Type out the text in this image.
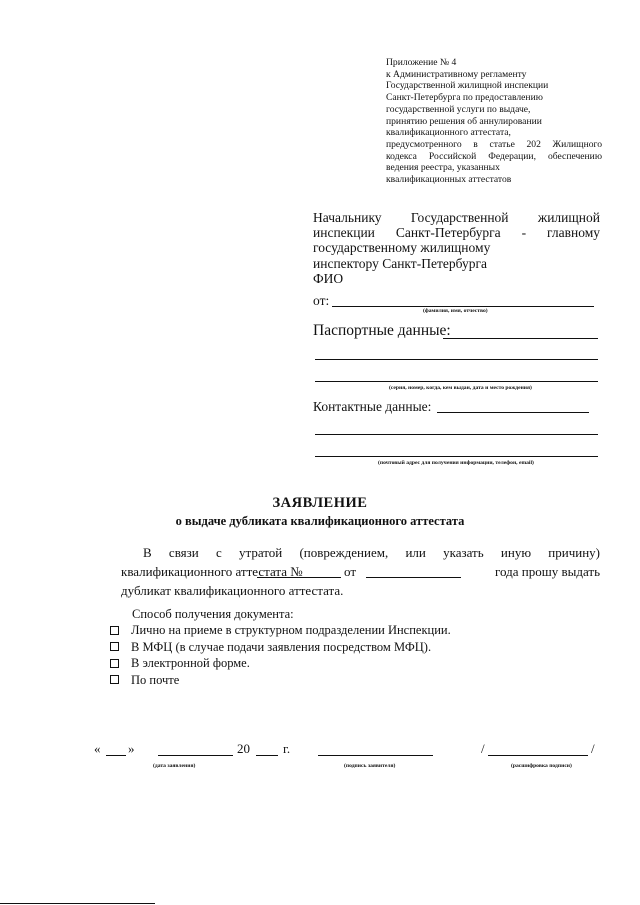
Приложение № 4
к Административному регламенту
Государственной жилищной инспекции
Санкт-Петербурга по предоставлению
государственной услуги по выдаче,
принятию решения об аннулировании
квалификационного аттестата,
предусмотренного в статье 202 Жилищного
кодекса Российской Федерации, обеспечению
ведения реестра, указанных
квалификационных аттестатов
Начальнику Государственной жилищной
инспекции Санкт-Петербурга - главному
государственному жилищному
инспектору Санкт-Петербурга
ФИО
от:
(фамилия, имя, отчество)
Паспортные данные:
(серия, номер, когда, кем выдан, дата и место рождения)
Контактные данные:
(почтовый адрес для получения информации, телефон, email)
ЗАЯВЛЕНИЕ
о выдаче дубликата квалификационного аттестата
В связи с утратой (повреждением, или указать иную причину)
квалификационного аттестата №	от	года прошу выдать
дубликат квалификационного аттестата.
Способ получения документа:
Лично на приеме в структурном подразделении Инспекции.
В МФЦ (в случае подачи заявления посредством МФЦ).
В электронной форме.
По почте
« »	20	г.	/	/
(дата заявления)	(подпись заявителя)	(расшифровка подписи)
